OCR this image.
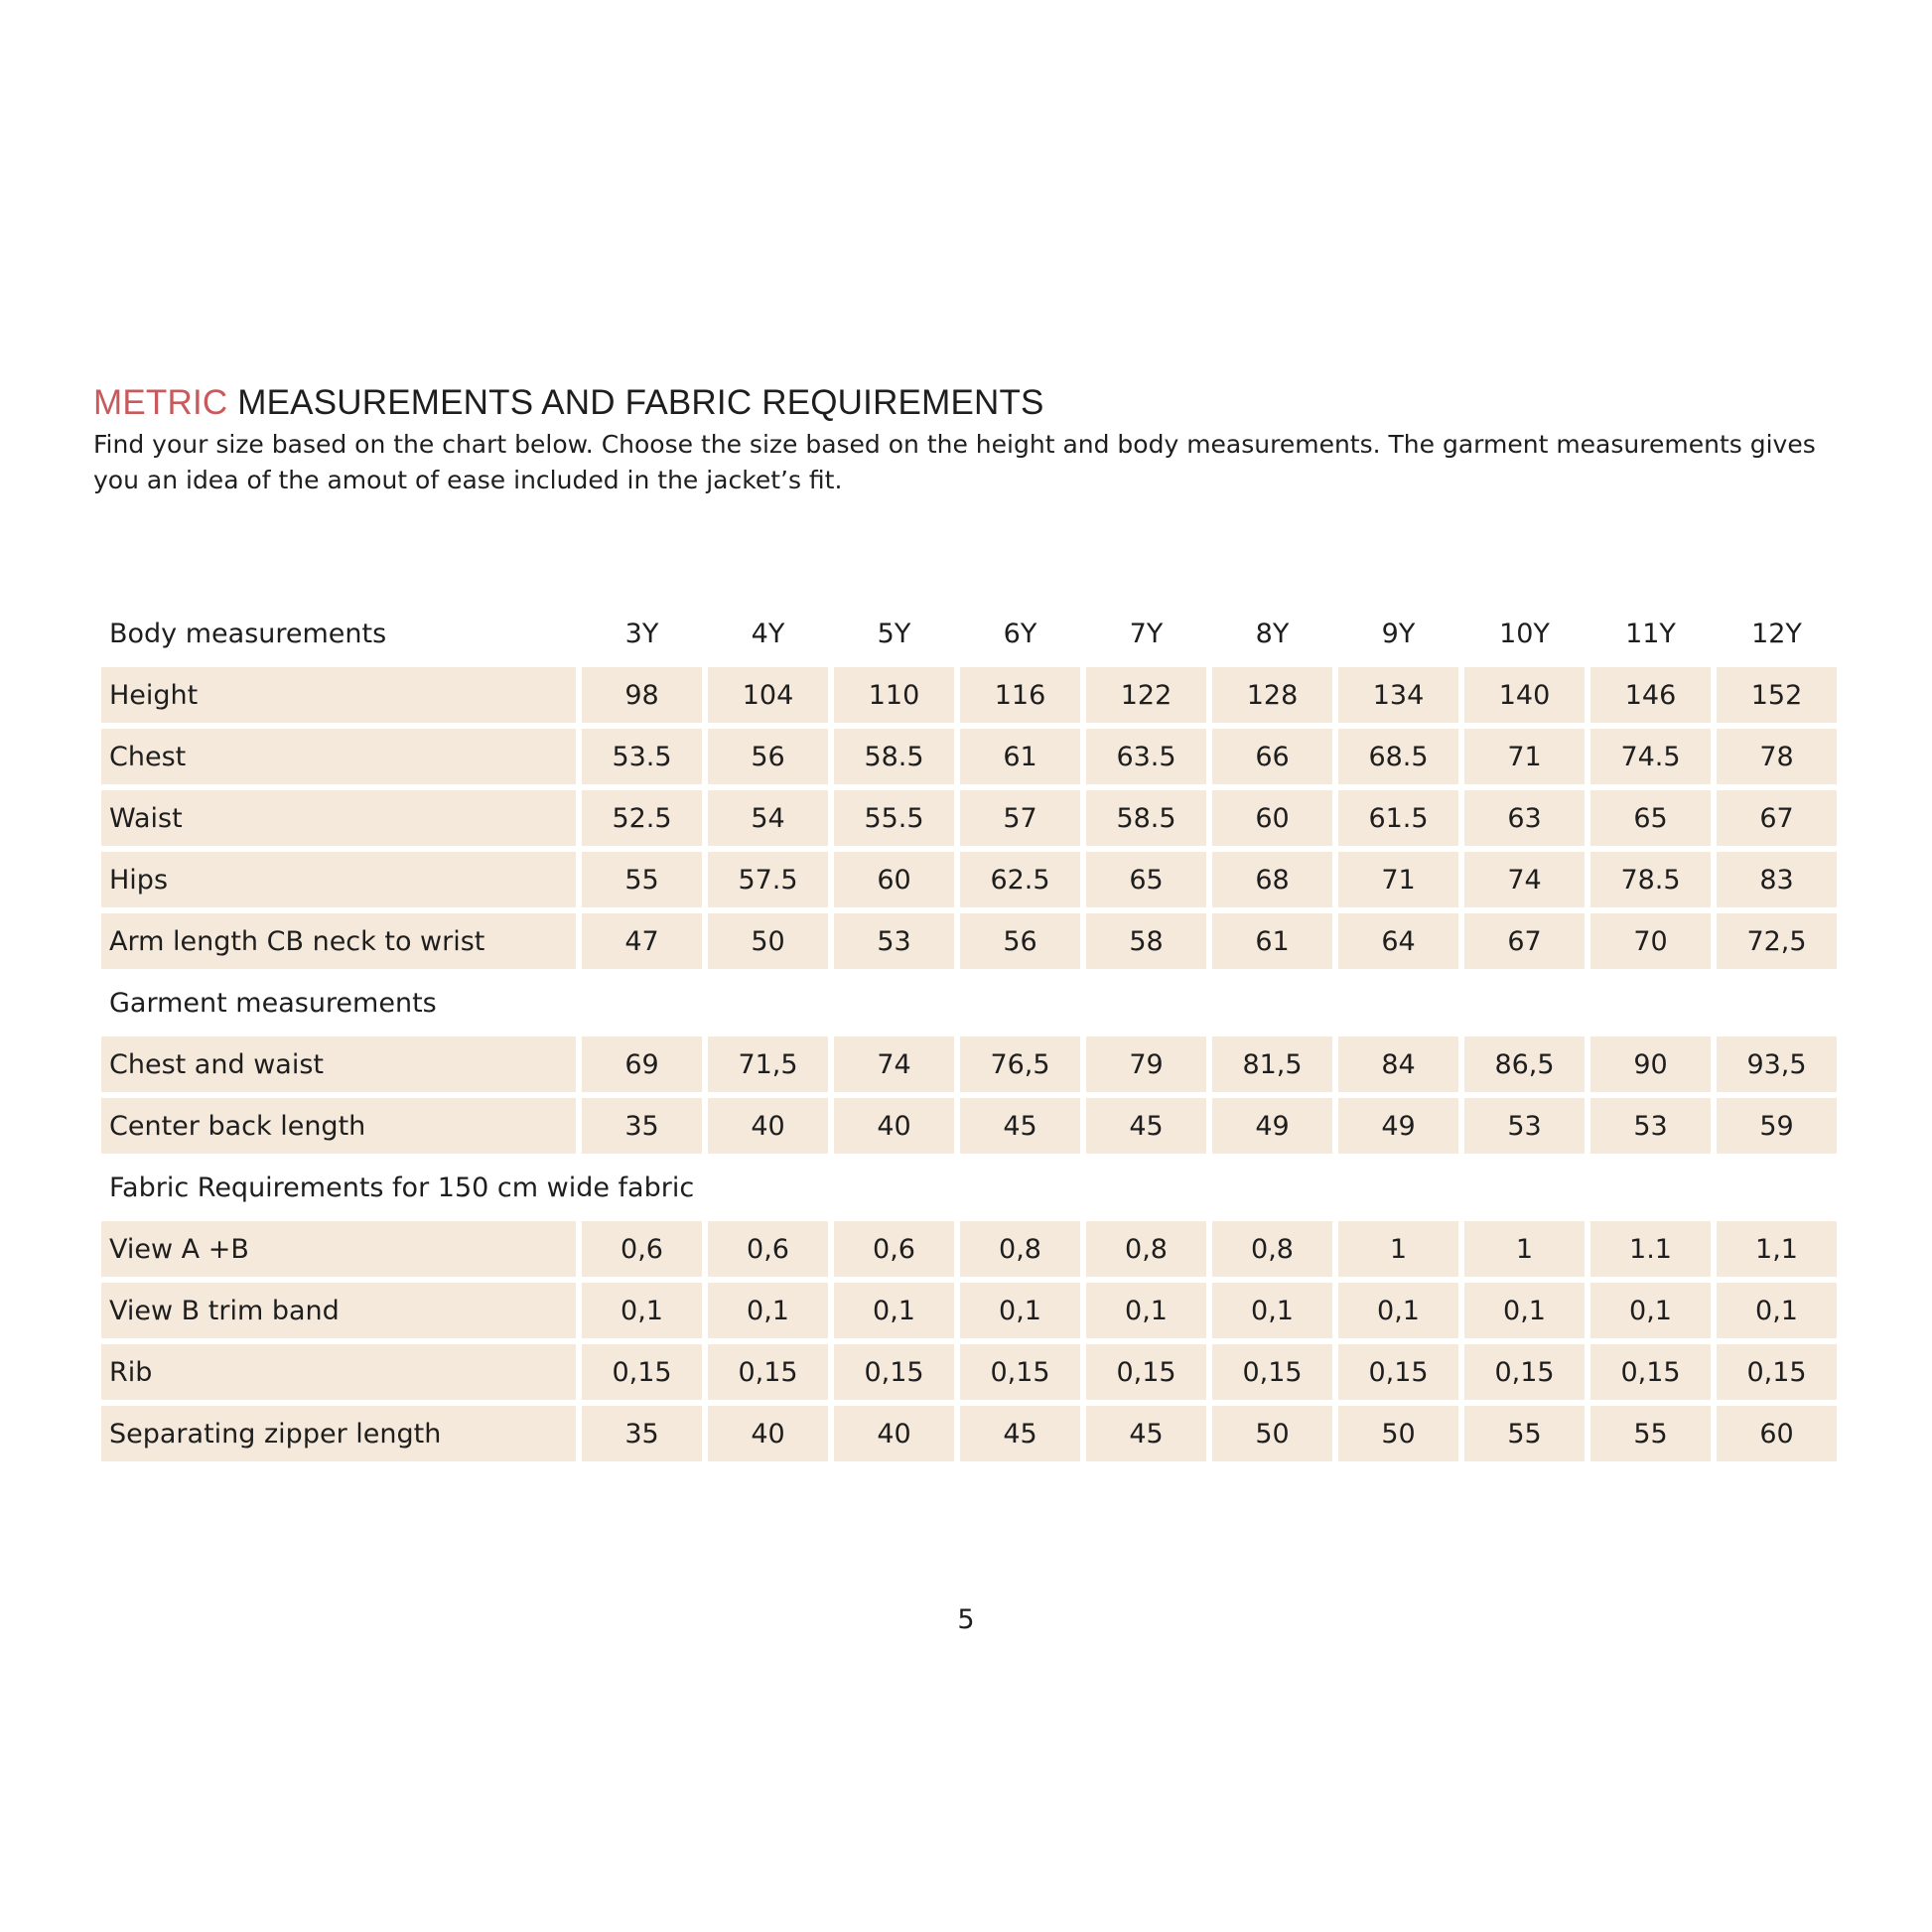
METRIC MEASUREMENTS AND FABRIC REQUIREMENTS

Find your size based on the chart below. Choose the size based on the height and body measurements. The garment measurements gives you an idea of the amout of ease included in the jacket’s fit.

Body measurements	3Y	4Y	5Y	6Y	7Y	8Y	9Y	10Y	11Y	12Y
Height	98	104	110	116	122	128	134	140	146	152
Chest	53.5	56	58.5	61	63.5	66	68.5	71	74.5	78
Waist	52.5	54	55.5	57	58.5	60	61.5	63	65	67
Hips	55	57.5	60	62.5	65	68	71	74	78.5	83
Arm length CB neck to wrist	47	50	53	56	58	61	64	67	70	72,5
Garment measurements										
Chest and waist	69	71,5	74	76,5	79	81,5	84	86,5	90	93,5
Center back length	35	40	40	45	45	49	49	53	53	59
Fabric Requirements for 150 cm wide fabric										
View A +B	0,6	0,6	0,6	0,8	0,8	0,8	1	1	1.1	1,1
View B trim band	0,1	0,1	0,1	0,1	0,1	0,1	0,1	0,1	0,1	0,1
Rib	0,15	0,15	0,15	0,15	0,15	0,15	0,15	0,15	0,15	0,15
Separating zipper length	35	40	40	45	45	50	50	55	55	60
5
